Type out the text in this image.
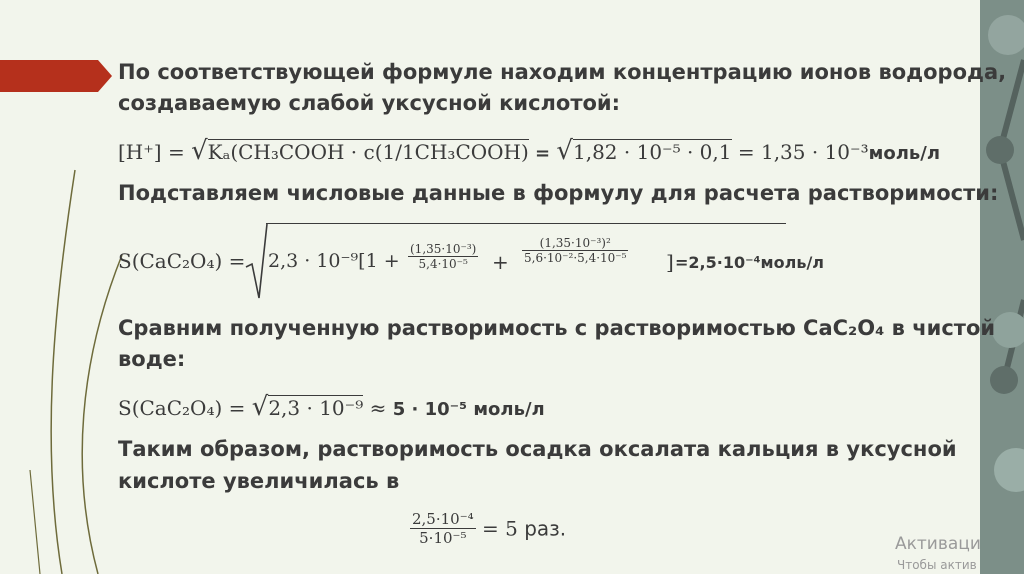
По соответствующей формуле находим концентрацию ионов водорода,
создаваемую слабой уксусной кислотой:
[H⁺] = √Kₐ(CH₃COOH · c(1/1CH₃COOH) = √1,82 · 10⁻⁵ · 0,1 = 1,35 · 10⁻³моль/л
Подставляем числовые данные в формулу для расчета растворимости:
$S(CaC_2O_4) = 2,3 \cdot 10^{-9}[1 + \frac{\text{(1,35·10⁻³)}}{\text{5,4·10⁻⁵}} + \frac{\text{(1,35·10⁻³)²}}{\text{5,6·10⁻²·5,4·10⁻⁵}}$ ] =2,5·10⁻⁴моль/л
Сравним полученную растворимость с растворимостью CaC₂O₄ в чистой
воде:
S(CaC₂O₄) = √2,3 · 10⁻⁹ ≈ 5 · 10⁻⁵ моль/л
Таким образом, растворимость осадка оксалата кальция в уксусной
кислоте увеличилась в
$\frac{\text{2,5·10⁻⁴}}{\text{5·10⁻⁵}} = 5$ раз.
Активаци
Чтобы актив
